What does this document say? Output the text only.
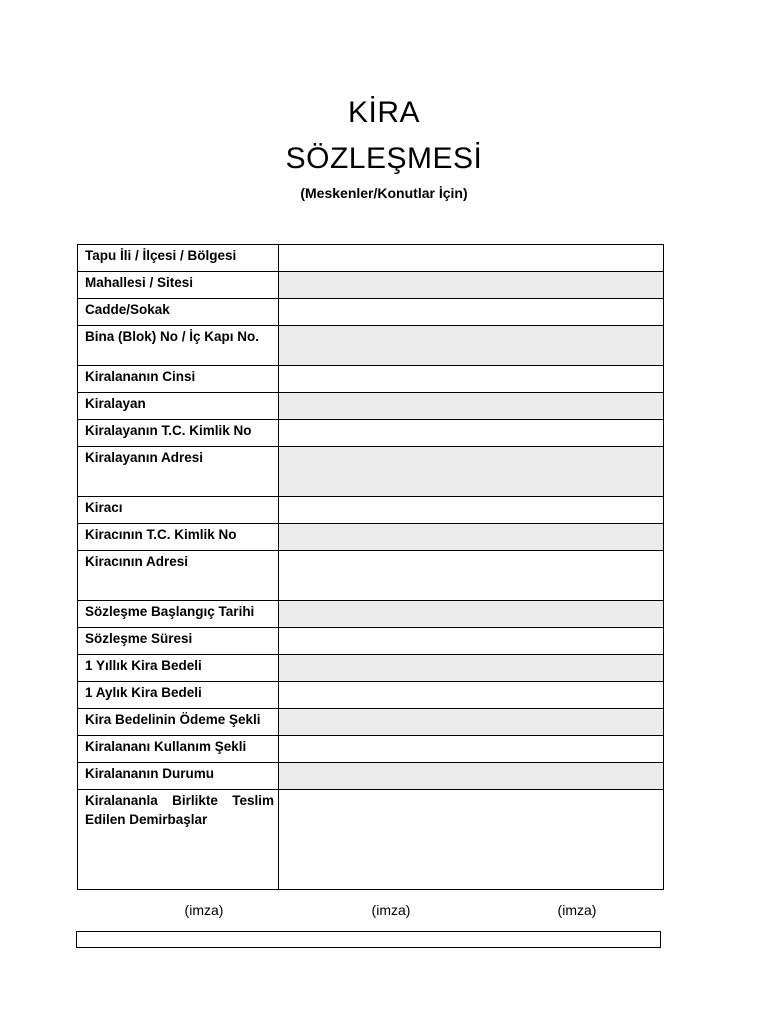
KİRA
SÖZLEŞMESİ
(Meskenler/Konutlar İçin)
Tapu İli / İlçesi / Bölgesi	
Mahallesi / Sitesi	
Cadde/Sokak	
Bina (Blok) No / İç Kapı No.	
Kiralananın Cinsi	
Kiralayan	
Kiralayanın T.C. Kimlik No	
Kiralayanın Adresi	
Kiracı	
Kiracının T.C. Kimlik No	
Kiracının Adresi	
Sözleşme Başlangıç Tarihi	
Sözleşme Süresi	
1 Yıllık Kira Bedeli	
1 Aylık Kira Bedeli	
Kira Bedelinin Ödeme Şekli	
Kiralananı Kullanım Şekli	
Kiralananın Durumu	
Kiralananla Birlikte Teslim Edilen Demirbaşlar	
(imza)	(imza)	(imza)
